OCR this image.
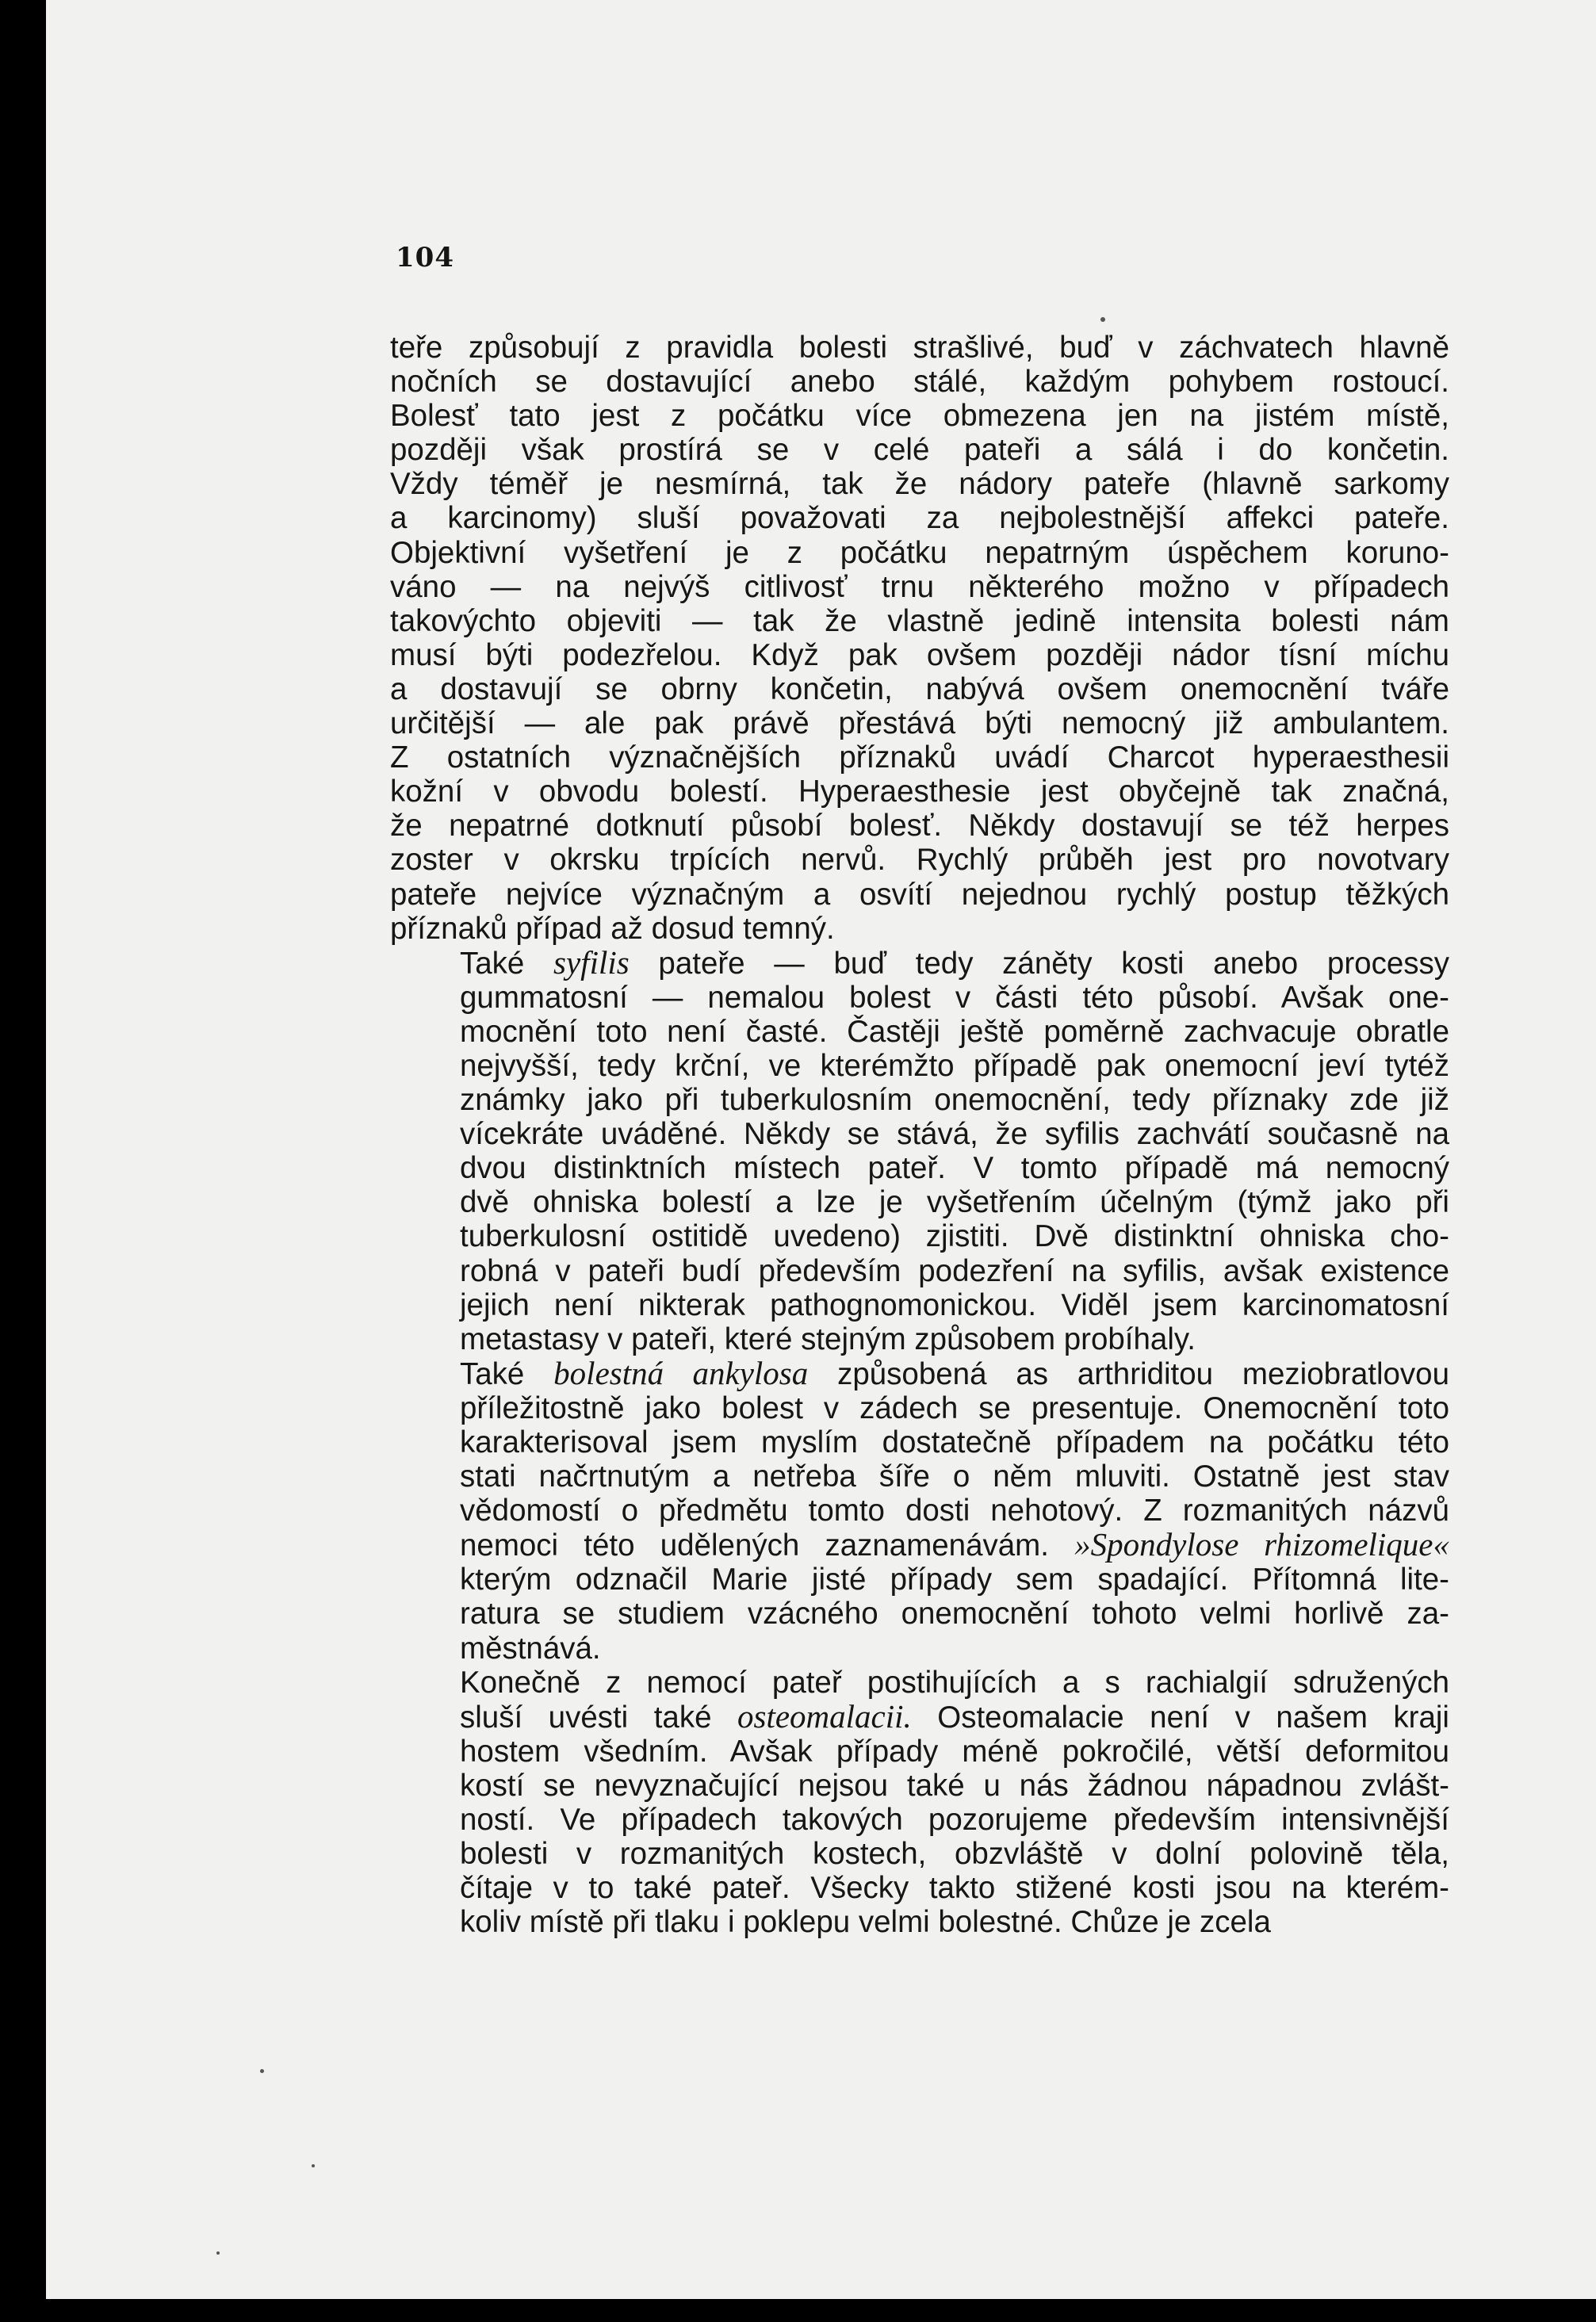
104

teře způsobují z pravidla bolesti strašlivé, buď v záchvatech hlavně
nočních se dostavující anebo stálé, každým pohybem rostoucí.
Bolesť tato jest z počátku více obmezena jen na jistém místě,
později však prostírá se v celé pateři a sálá i do končetin.
Vždy téměř je nesmírná, tak že nádory pateře (hlavně sarkomy
a karcinomy) sluší považovati za nejbolestnější affekci pateře.
Objektivní vyšetření je z počátku nepatrným úspěchem koruno-
váno — na nejvýš citlivosť trnu některého možno v případech
takovýchto objeviti — tak že vlastně jedině intensita bolesti nám
musí býti podezřelou. Když pak ovšem později nádor tísní míchu
a dostavují se obrny končetin, nabývá ovšem onemocnění tváře
určitější — ale pak právě přestává býti nemocný již ambulantem.
Z ostatních význačnějších příznaků uvádí Charcot hyperaesthesii
kožní v obvodu bolestí. Hyperaesthesie jest obyčejně tak značná,
že nepatrné dotknutí působí bolesť. Někdy dostavují se též herpes
zoster v okrsku trpících nervů. Rychlý průběh jest pro novotvary
pateře nejvíce význačným a osvítí nejednou rychlý postup těžkých
příznaků případ až dosud temný.

Také syfilis pateře — buď tedy záněty kosti anebo processy
gummatosní — nemalou bolest v části této působí. Avšak one-
mocnění toto není časté. Častěji ještě poměrně zachvacuje obratle
nejvyšší, tedy krční, ve kterémžto případě pak onemocní jeví tytéž
známky jako při tuberkulosním onemocnění, tedy příznaky zde již
vícekráte uváděné. Někdy se stává, že syfilis zachvátí současně na
dvou distinktních místech pateř. V tomto případě má nemocný
dvě ohniska bolestí a lze je vyšetřením účelným (týmž jako při
tuberkulosní ostitidě uvedeno) zjistiti. Dvě distinktní ohniska cho-
robná v pateři budí především podezření na syfilis, avšak existence
jejich není nikterak pathognomonickou. Viděl jsem karcinomatosní
metastasy v pateři, které stejným způsobem probíhaly.

Také bolestná ankylosa způsobená as arthriditou meziobratlovou
příležitostně jako bolest v zádech se presentuje. Onemocnění toto
karakterisoval jsem myslím dostatečně případem na počátku této
stati načrtnutým a netřeba šíře o něm mluviti. Ostatně jest stav
vědomostí o předmětu tomto dosti nehotový. Z rozmanitých názvů
nemoci této udělených zaznamenávám. »Spondylose rhizomelique«
kterým odznačil Marie jisté případy sem spadající. Přítomná lite-
ratura se studiem vzácného onemocnění tohoto velmi horlivě za-
městnává.

Konečně z nemocí pateř postihujících a s rachialgií sdružených
sluší uvésti také osteomalacii. Osteomalacie není v našem kraji
hostem všedním. Avšak případy méně pokročilé, větší deformitou
kostí se nevyznačující nejsou také u nás žádnou nápadnou zvlášt-
ností. Ve případech takových pozorujeme především intensivnější
bolesti v rozmanitých kostech, obzvláště v dolní polovině těla,
čítaje v to také pateř. Všecky takto stižené kosti jsou na kterém-
koliv místě při tlaku i poklepu velmi bolestné. Chůze je zcela
